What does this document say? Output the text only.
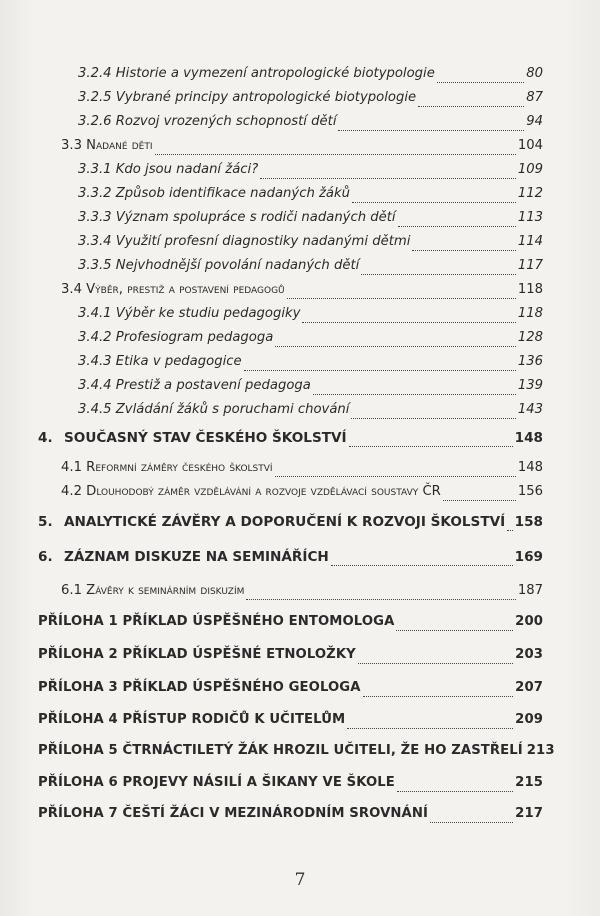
3.2.4 Historie a vymezení antropologické biotypologie	80
3.2.5 Vybrané principy antropologické biotypologie	87
3.2.6 Rozvoj vrozených schopností dětí	94
3.3 Nadané děti	104
3.3.1 Kdo jsou nadaní žáci?	109
3.3.2 Způsob identifikace nadaných žáků	112
3.3.3 Význam spolupráce s rodiči nadaných dětí	113
3.3.4 Využití profesní diagnostiky nadanými dětmi	114
3.3.5 Nejvhodnější povolání nadaných dětí	117
3.4 Výběr, prestiž a postavení pedagogů	118
3.4.1 Výběr ke studiu pedagogiky	118
3.4.2 Profesiogram pedagoga	128
3.4.3 Etika v pedagogice	136
3.4.4 Prestiž a postavení pedagoga	139
3.4.5 Zvládání žáků s poruchami chování	143
4. SOUČASNÝ STAV ČESKÉHO ŠKOLSTVÍ	148
4.1 Reformní záměry českého školství	148
4.2 Dlouhodobý záměr vzdělávání a rozvoje vzdělávací soustavy ČR	156
5. ANALYTICKÉ ZÁVĚRY A DOPORUČENÍ K ROZVOJI ŠKOLSTVÍ 158
6. ZÁZNAM DISKUZE NA SEMINÁŘÍCH	169
6.1 Závěry k seminárním diskuzím	187
PŘÍLOHA 1 PŘÍKLAD ÚSPĚŠNÉHO ENTOMOLOGA	200
PŘÍLOHA 2 PŘÍKLAD ÚSPĚŠNÉ ETNOLOŽKY	203
PŘÍLOHA 3 PŘÍKLAD ÚSPĚŠNÉHO GEOLOGA	207
PŘÍLOHA 4 PŘÍSTUP RODIČŮ K UČITELŮM	209
PŘÍLOHA 5 ČTRNÁCTILETÝ ŽÁK HROZIL UČITELI, ŽE HO ZASTŘELÍ 213
PŘÍLOHA 6 PROJEVY NÁSILÍ A ŠIKANY VE ŠKOLE	215
PŘÍLOHA 7 ČEŠTÍ ŽÁCI V MEZINÁRODNÍM SROVNÁNÍ	217
7
